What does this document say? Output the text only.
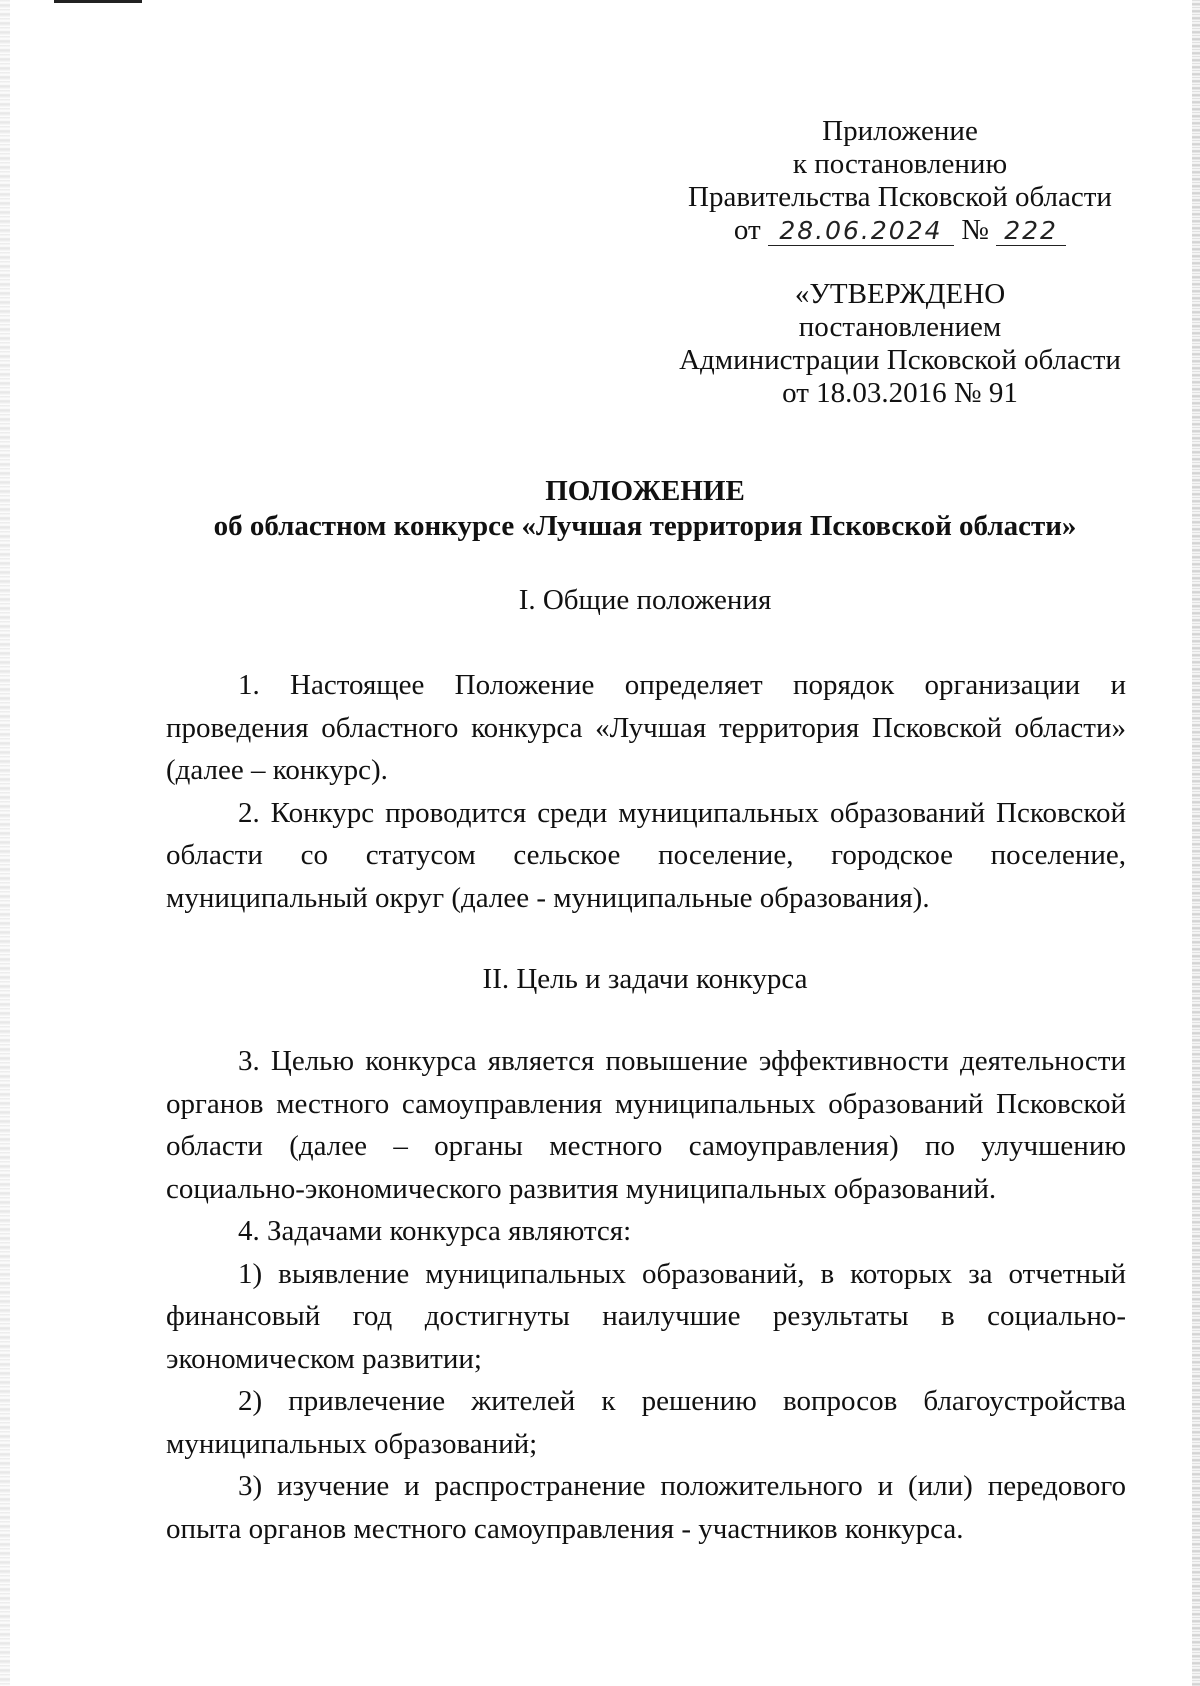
Приложение
к постановлению
Правительства Псковской области
от 28.06.2024 № 222
«УТВЕРЖДЕНО
постановлением
Администрации Псковской области
от 18.03.2016 № 91
ПОЛОЖЕНИЕ
об областном конкурсе «Лучшая территория Псковской области»
I. Общие положения

1. Настоящее Положение определяет порядок организации и проведения областного конкурса «Лучшая территория Псковской области» (далее – конкурс).

2. Конкурс проводится среди муниципальных образований Псковской области со статусом сельское поселение, городское поселение, муниципальный округ (далее - муниципальные образования).

II. Цель и задачи конкурса

3. Целью конкурса является повышение эффективности деятельности органов местного самоуправления муниципальных образований Псковской области (далее – органы местного самоуправления) по улучшению социально-экономического развития муниципальных образований.

4. Задачами конкурса являются:

1) выявление муниципальных образований, в которых за отчетный финансовый год достигнуты наилучшие результаты в социально-экономическом развитии;

2) привлечение жителей к решению вопросов благоустройства муниципальных образований;

3) изучение и распространение положительного и (или) передового опыта органов местного самоуправления - участников конкурса.
